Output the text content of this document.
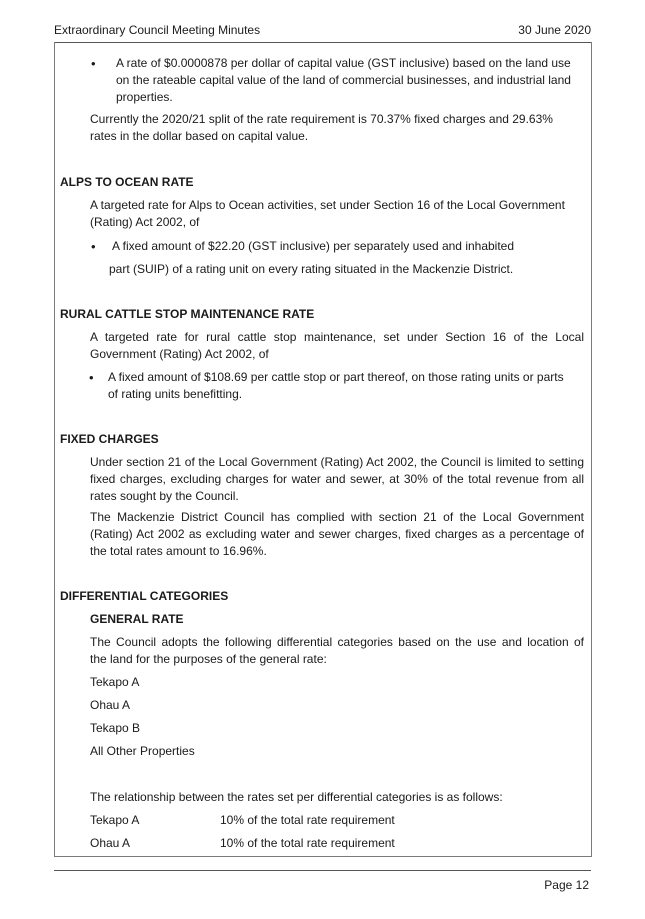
Extraordinary Council Meeting Minutes	30 June 2020
• A rate of $0.0000878 per dollar of capital value (GST inclusive) based on the land use
on the rateable capital value of the land of commercial businesses, and industrial land
properties.
Currently the 2020/21 split of the rate requirement is 70.37% fixed charges and 29.63%
rates in the dollar based on capital value.
ALPS TO OCEAN RATE
A targeted rate for Alps to Ocean activities, set under Section 16 of the Local Government
(Rating) Act 2002, of
• A fixed amount of $22.20 (GST inclusive) per separately used and inhabited
part (SUIP) of a rating unit on every rating situated in the Mackenzie District.
RURAL CATTLE STOP MAINTENANCE RATE
A targeted rate for rural cattle stop maintenance, set under Section 16 of the Local
Government (Rating) Act 2002, of
• A fixed amount of $108.69 per cattle stop or part thereof, on those rating units or parts
of rating units benefitting.
FIXED CHARGES
Under section 21 of the Local Government (Rating) Act 2002, the Council is limited to setting
fixed charges, excluding charges for water and sewer, at 30% of the total revenue from all
rates sought by the Council.
The Mackenzie District Council has complied with section 21 of the Local Government
(Rating) Act 2002 as excluding water and sewer charges, fixed charges as a percentage of
the total rates amount to 16.96%.
DIFFERENTIAL CATEGORIES
GENERAL RATE
The Council adopts the following differential categories based on the use and location of
the land for the purposes of the general rate:
Tekapo A
Ohau A
Tekapo B
All Other Properties
The relationship between the rates set per differential categories is as follows:
Tekapo A	10% of the total rate requirement
Ohau A	10% of the total rate requirement
Page 12
